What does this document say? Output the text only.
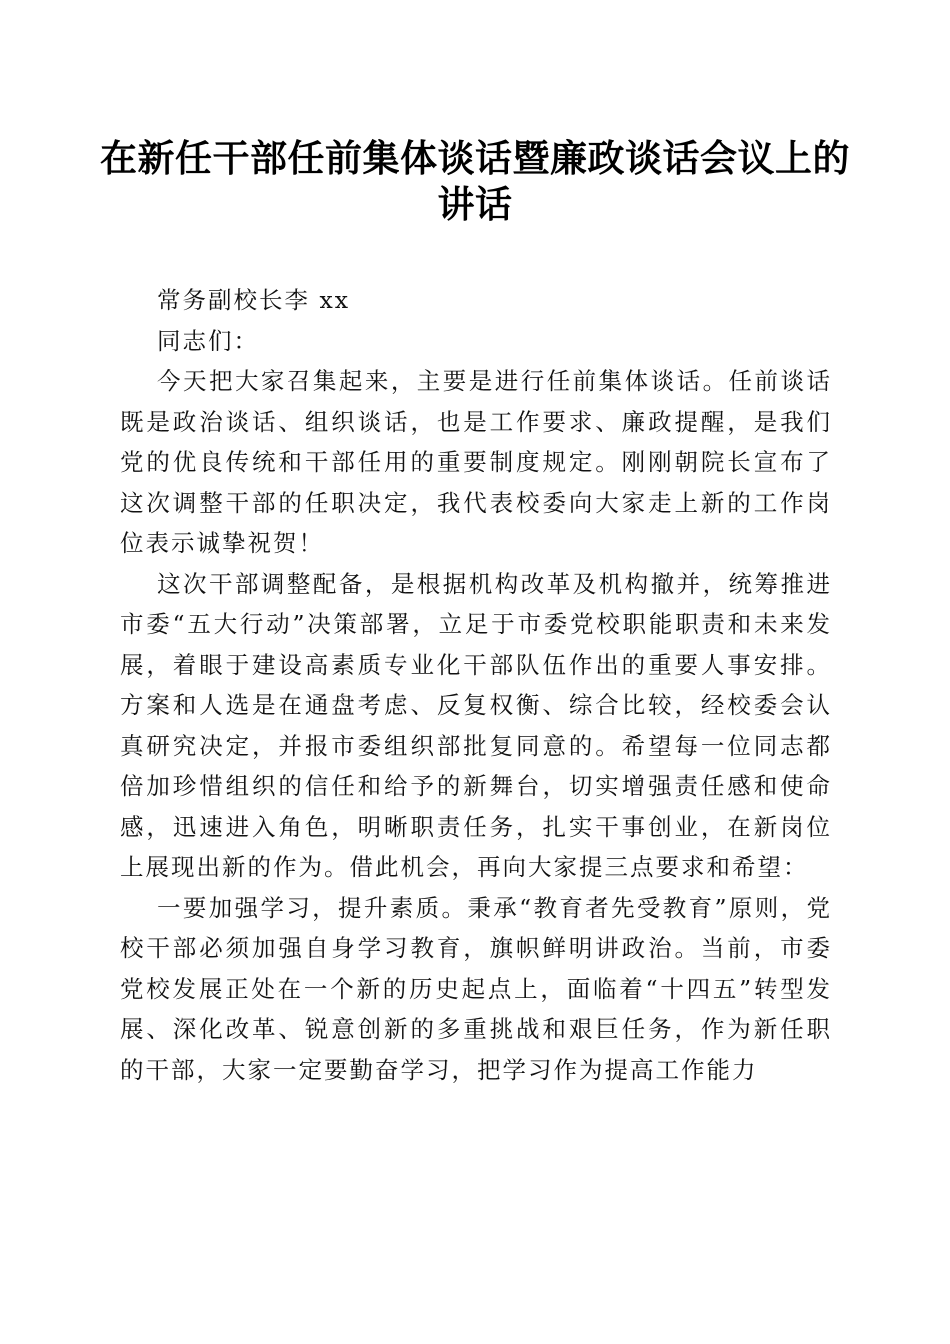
在新任干部任前集体谈话暨廉政谈话会议上的讲话

常务副校长李 xx

同志们：

今天把大家召集起来，主要是进行任前集体谈话。任前谈话既是政治谈话、组织谈话，也是工作要求、廉政提醒，是我们党的优良传统和干部任用的重要制度规定。刚刚朝院长宣布了这次调整干部的任职决定，我代表校委向大家走上新的工作岗位表示诚挚祝贺！

这次干部调整配备，是根据机构改革及机构撤并，统筹推进市委“五大行动”决策部署，立足于市委党校职能职责和未来发展，着眼于建设高素质专业化干部队伍作出的重要人事安排。方案和人选是在通盘考虑、反复权衡、综合比较，经校委会认真研究决定，并报市委组织部批复同意的。希望每一位同志都倍加珍惜组织的信任和给予的新舞台，切实增强责任感和使命感，迅速进入角色，明晰职责任务，扎实干事创业，在新岗位上展现出新的作为。借此机会，再向大家提三点要求和希望：

一要加强学习，提升素质。秉承“教育者先受教育”原则，党校干部必须加强自身学习教育，旗帜鲜明讲政治。当前，市委党校发展正处在一个新的历史起点上，面临着“十四五”转型发展、深化改革、锐意创新的多重挑战和艰巨任务，作为新任职的干部，大家一定要勤奋学习，把学习作为提高工作能力
